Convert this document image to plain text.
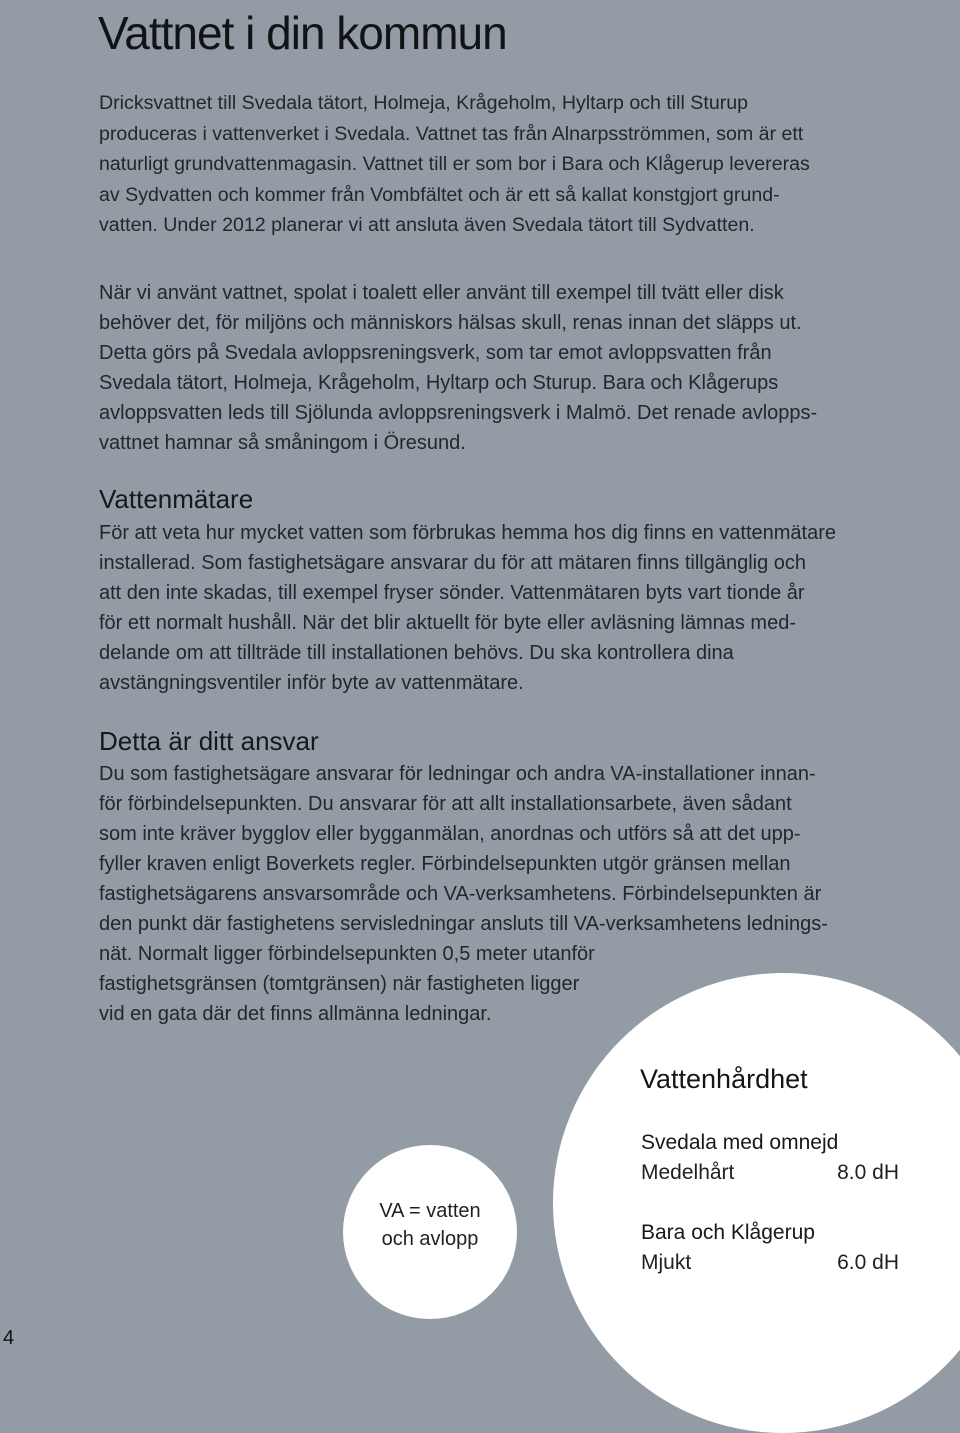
Vattnet i din kommun

Dricksvattnet till Svedala tätort, Holmeja, Krågeholm, Hyltarp och till Sturup
produceras i vattenverket i Svedala. Vattnet tas från Alnarpsströmmen, som är ett
naturligt grundvattenmagasin. Vattnet till er som bor i Bara och Klågerup levereras
av Sydvatten och kommer från Vombfältet och är ett så kallat konstgjort grund-
vatten. Under 2012 planerar vi att ansluta även Svedala tätort till Sydvatten.

När vi använt vattnet, spolat i toalett eller använt till exempel till tvätt eller disk
behöver det, för miljöns och människors hälsas skull, renas innan det släpps ut.
Detta görs på Svedala avloppsreningsverk, som tar emot avloppsvatten från
Svedala tätort, Holmeja, Krågeholm, Hyltarp och Sturup. Bara och Klågerups
avloppsvatten leds till Sjölunda avloppsreningsverk i Malmö. Det renade avlopps-
vattnet hamnar så småningom i Öresund.

Vattenmätare

För att veta hur mycket vatten som förbrukas hemma hos dig finns en vattenmätare
installerad. Som fastighetsägare ansvarar du för att mätaren finns tillgänglig och
att den inte skadas, till exempel fryser sönder. Vattenmätaren byts vart tionde år
för ett normalt hushåll. När det blir aktuellt för byte eller avläsning lämnas med-
delande om att tillträde till installationen behövs. Du ska kontrollera dina
avstängningsventiler inför byte av vattenmätare.

Detta är ditt ansvar

Du som fastighetsägare ansvarar för ledningar och andra VA-installationer innan-
för förbindelsepunkten. Du ansvarar för att allt installationsarbete, även sådant
som inte kräver bygglov eller bygganmälan, anordnas och utförs så att det upp-
fyller kraven enligt Boverkets regler. Förbindelsepunkten utgör gränsen mellan
fastighetsägarens ansvarsområde och VA-verksamhetens. Förbindelsepunkten är
den punkt där fastighetens servisledningar ansluts till VA-verksamhetens lednings-
nät. Normalt ligger förbindelsepunkten 0,5 meter utanför
fastighetsgränsen (tomtgränsen) när fastigheten ligger
vid en gata där det finns allmänna ledningar.

VA = vatten
och avlopp
Vattenhårdhet
Svedala med omnejd
Medelhårt	8.0 dH
Bara och Klågerup
Mjukt	6.0 dH
4
